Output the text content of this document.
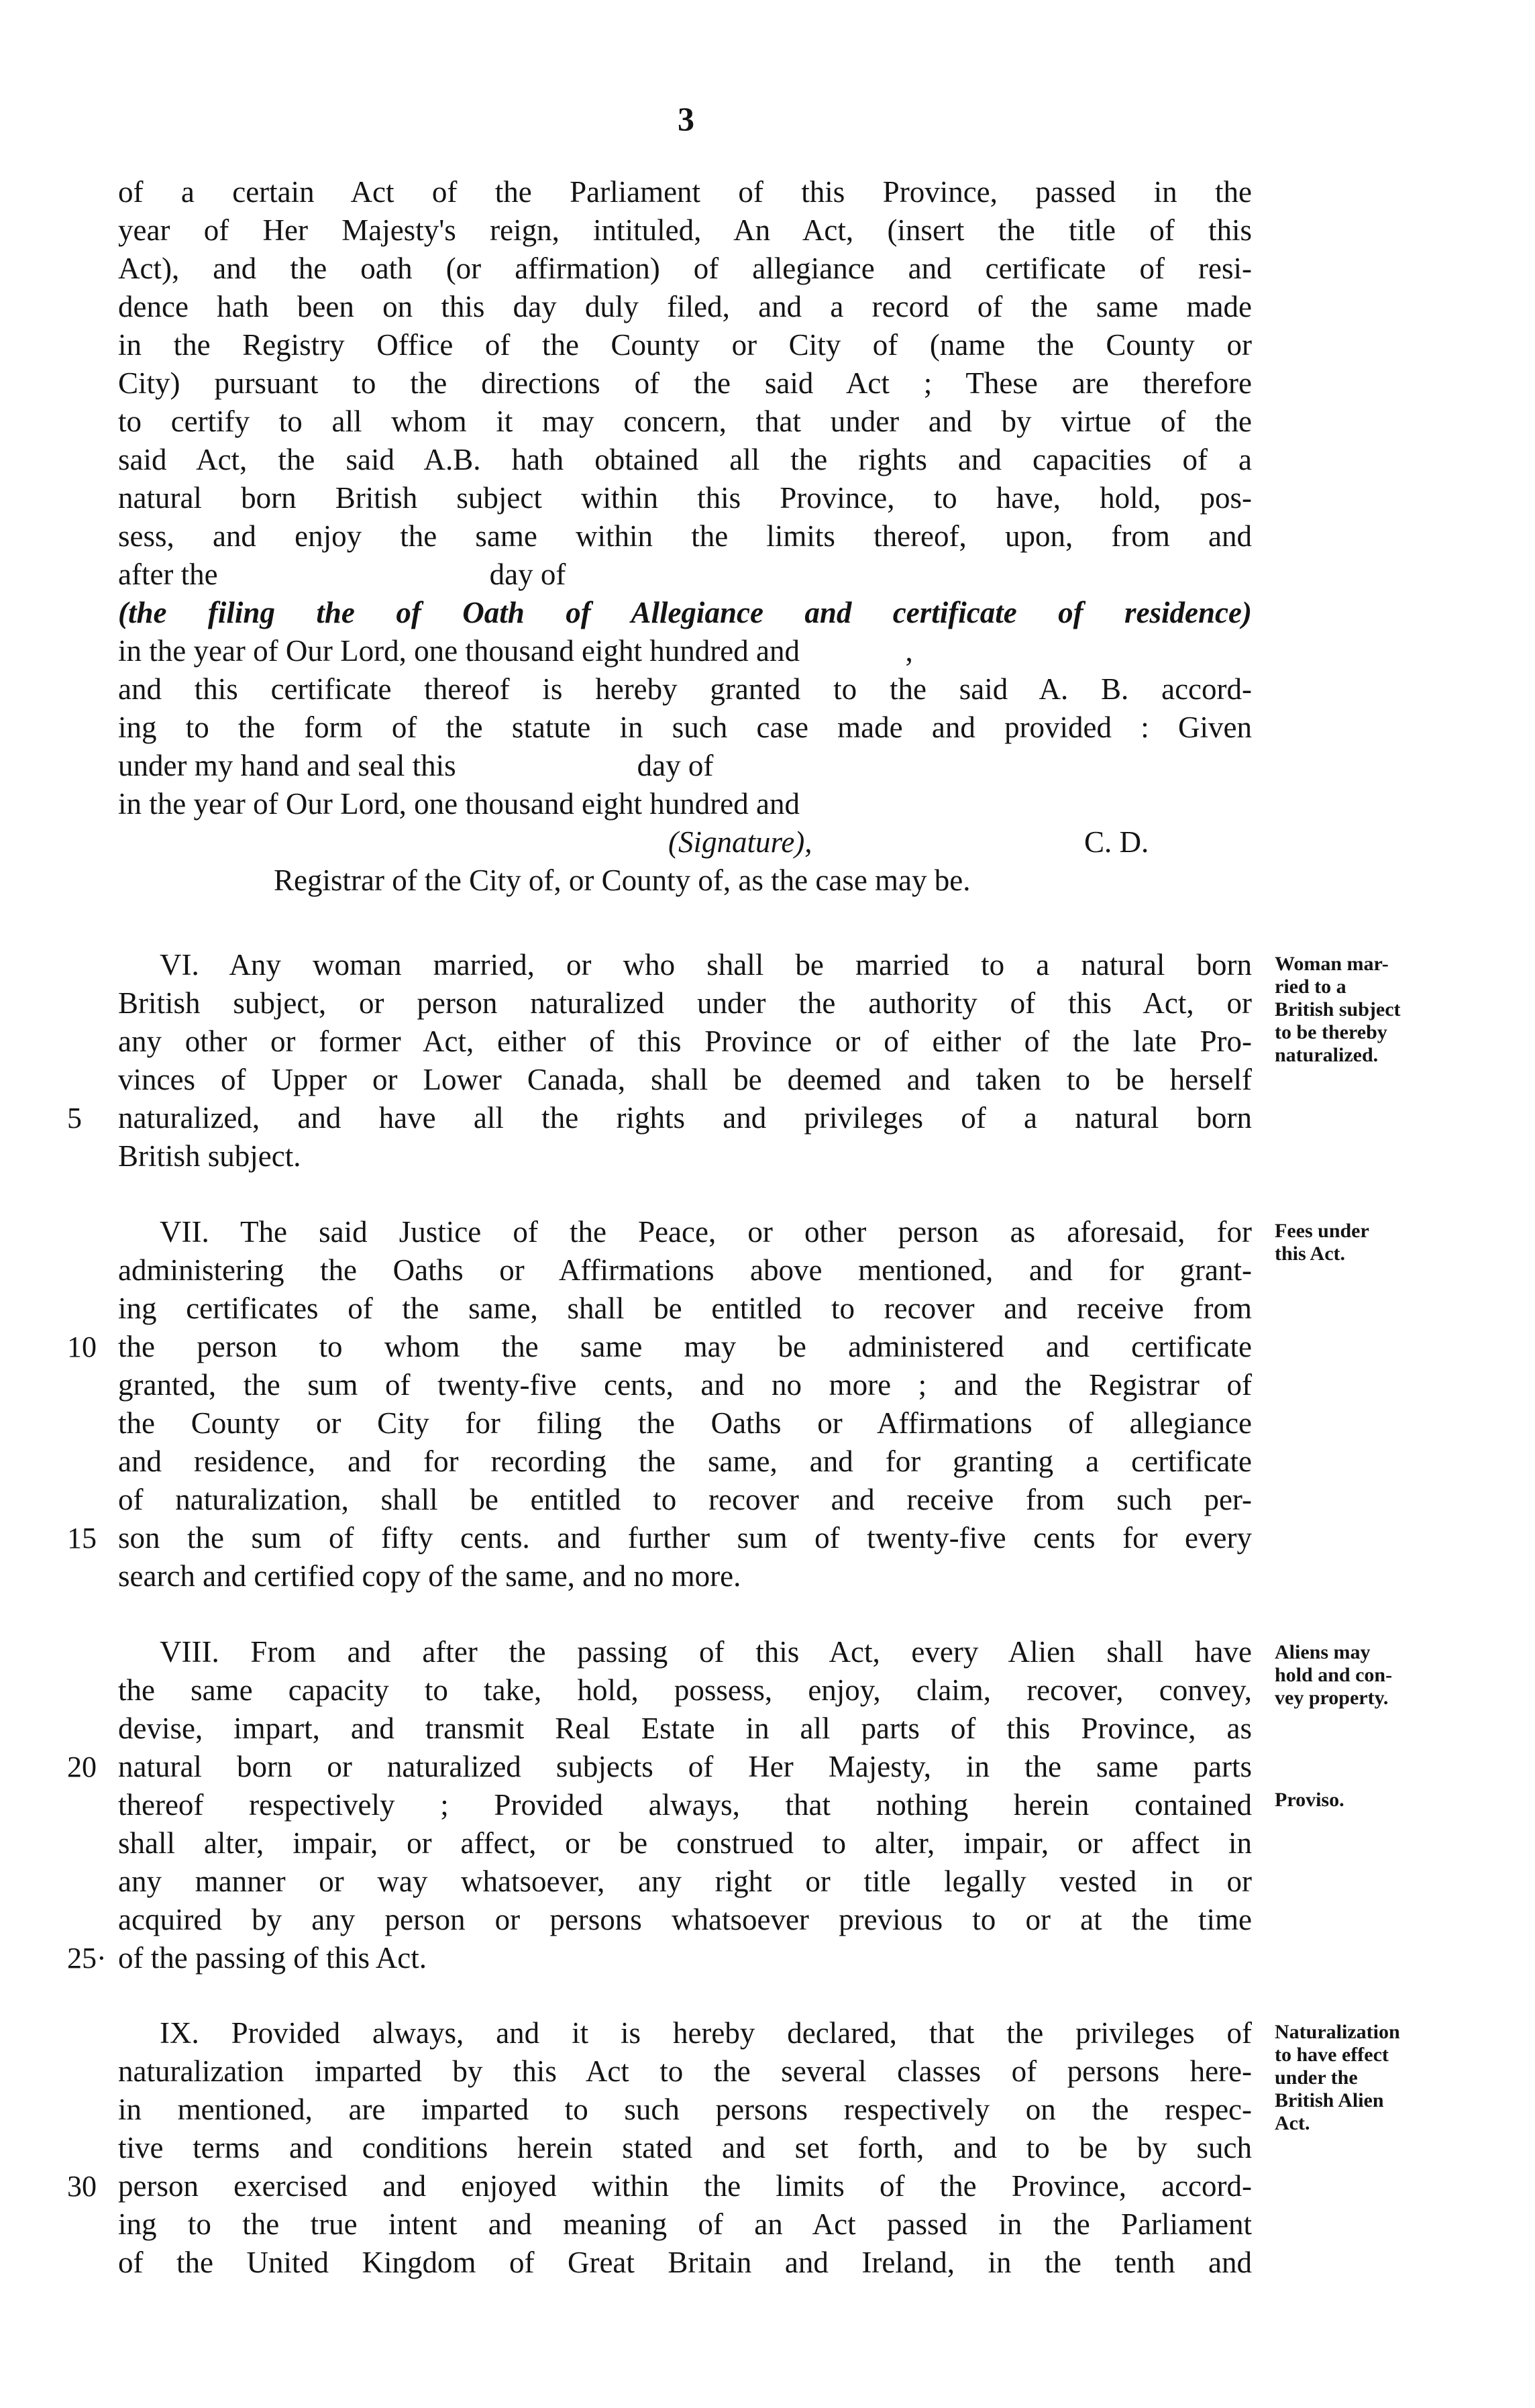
3
of a certain Act of the Parliament of this Province, passed in the
year of Her Majesty's reign, intituled, An Act, (insert the title of this
Act), and the oath (or affirmation) of allegiance and certificate of resi-
dence hath been on this day duly filed, and a record of the same made
in the Registry Office of the County or City of (name the County or
City) pursuant to the directions of the said Act ; These are therefore
to certify to all whom it may concern, that under and by virtue of the
said Act, the said A.B. hath obtained all the rights and capacities of a
natural born British subject within this Province, to have, hold, pos-
sess, and enjoy the same within the limits thereof, upon, from and
after the                                    day of
(the filing the of Oath of Allegiance and certificate of residence)
in the year of Our Lord, one thousand eight hundred and              ,
and this certificate thereof is hereby granted to the said A. B. accord-
ing to the form of the statute in such case made and provided : Given
under my hand and seal this                        day of
in the year of Our Lord, one thousand eight hundred and
(Signature),	C. D.
Registrar of the City of, or County of, as the case may be.
VI. Any woman married, or who shall be married to a natural born
British subject, or person naturalized under the authority of this Act, or
any other or former Act, either of this Province or of either of the late Pro-
vinces of Upper or Lower Canada, shall be deemed and taken to be herself
naturalized, and have all the rights and privileges of a natural born
British subject.
5
Woman mar-
ried to a
British subject
to be thereby
naturalized.
VII. The said Justice of the Peace, or other person as aforesaid, for
administering the Oaths or Affirmations above mentioned, and for grant-
ing certificates of the same, shall be entitled to recover and receive from
the person to whom the same may be administered and certificate
granted, the sum of twenty-five cents, and no more ; and the Registrar of
the County or City for filing the Oaths or Affirmations of allegiance
and residence, and for recording the same, and for granting a certificate
of naturalization, shall be entitled to recover and receive from such per-
son the sum of fifty cents. and further sum of twenty-five cents for every
search and certified copy of the same, and no more.
10
15
Fees under
this Act.
VIII. From and after the passing of this Act, every Alien shall have
the same capacity to take, hold, possess, enjoy, claim, recover, convey,
devise, impart, and transmit Real Estate in all parts of this Province, as
natural born or naturalized subjects of Her Majesty, in the same parts
thereof respectively ; Provided always, that nothing herein contained
shall alter, impair, or affect, or be construed to alter, impair, or affect in
any manner or way whatsoever, any right or title legally vested in or
acquired by any person or persons whatsoever previous to or at the time
of the passing of this Act.
20
25·
Aliens may
hold and con-
vey property.
Proviso.
IX. Provided always, and it is hereby declared, that the privileges of
naturalization imparted by this Act to the several classes of persons here-
in mentioned, are imparted to such persons respectively on the respec-
tive terms and conditions herein stated and set forth, and to be by such
person exercised and enjoyed within the limits of the Province, accord-
ing to the true intent and meaning of an Act passed in the Parliament
of the United Kingdom of Great Britain and Ireland, in the tenth and
30
Naturalization
to have effect
under the
British Alien
Act.
